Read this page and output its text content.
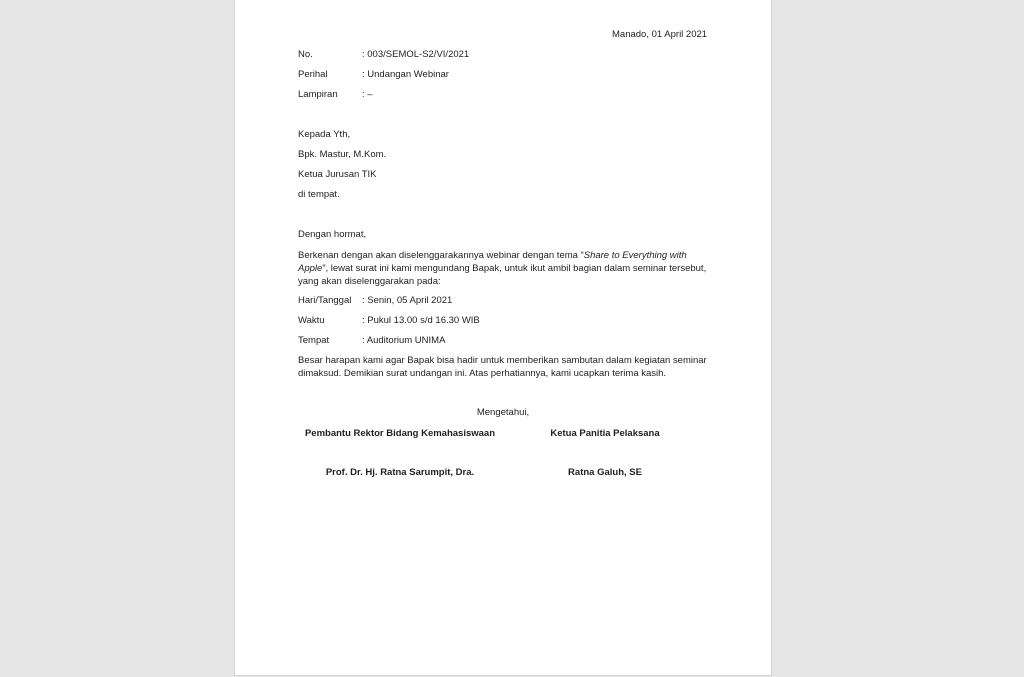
Manado, 01 April 2021
No.	: 003/SEMOL-S2/VI/2021
Perihal	: Undangan Webinar
Lampiran	: –
Kepada Yth,
Bpk. Mastur, M.Kom.
Ketua Jurusan TIK
di tempat.
Dengan hormat,
Berkenan dengan akan diselenggarakannya webinar dengan tema “Share to Everything with Apple”, lewat surat ini kami mengundang Bapak, untuk ikut ambil bagian dalam seminar tersebut, yang akan diselenggarakan pada:
Hari/Tanggal : Senin, 05 April 2021
Waktu	: Pukul 13.00 s/d 16.30 WIB
Tempat	: Auditorium UNIMA
Besar harapan kami agar Bapak bisa hadir untuk memberikan sambutan dalam kegiatan seminar dimaksud. Demikian surat undangan ini. Atas perhatiannya, kami ucapkan terima kasih.
Mengetahui,
Pembantu Rektor Bidang Kemahasiswaan	Ketua Panitia Pelaksana
Prof. Dr. Hj. Ratna Sarumpit, Dra.	Ratna Galuh, SE
